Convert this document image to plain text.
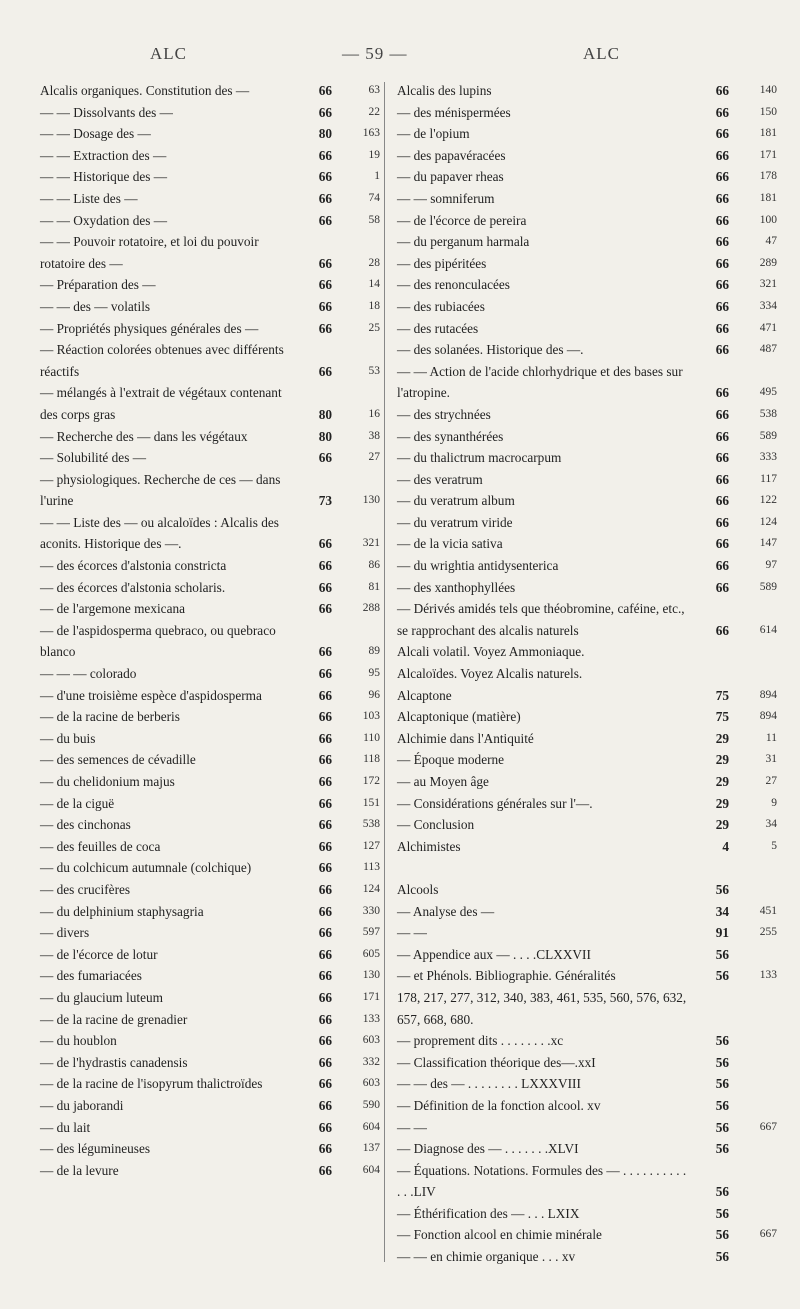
ALC	— 59 —	ALC
Alcalis organiques. Constitution des —	66	63
— — Dissolvants des —	66	22
— — Dosage des —	80	163
— — Extraction des —	66	19
— — Historique des —	66	1
— — Liste des —	66	74
— — Oxydation des —	66	58
— — Pouvoir rotatoire, et loi du pouvoir rotatoire des —	66	28
— Préparation des —	66	14
— — des — volatils	66	18
— Propriétés physiques générales des —	66	25
— Réaction colorées obtenues avec différents réactifs	66	53
— mélangés à l'extrait de végétaux contenant des corps gras	80	16
— Recherche des — dans les végétaux	80	38
— Solubilité des —	66	27
— physiologiques. Recherche de ces — dans l'urine	73	130
— — Liste des — ou alcaloïdes : Alcalis des aconits. Historique des —.	66	321
— des écorces d'alstonia constricta	66	86
— des écorces d'alstonia scholaris.	66	81
— de l'argemone mexicana	66	288
— de l'aspidosperma quebraco, ou quebraco blanco	66	89
— — — colorado	66	95
— d'une troisième espèce d'aspidosperma	66	96
— de la racine de berberis	66	103
— du buis	66	110
— des semences de cévadille	66	118
— du chelidonium majus	66	172
— de la ciguë	66	151
— des cinchonas	66	538
— des feuilles de coca	66	127
— du colchicum autumnale (colchique)	66	113
— des crucifères	66	124
— du delphinium staphysagria	66	330
— divers	66	597
— de l'écorce de lotur	66	605
— des fumariacées	66	130
— du glaucium luteum	66	171
— de la racine de grenadier	66	133
— du houblon	66	603
— de l'hydrastis canadensis	66	332
— de la racine de l'isopyrum thalictroïdes	66	603
— du jaborandi	66	590
— du lait	66	604
— des légumineuses	66	137
— de la levure	66	604
Alcalis des lupins	66	140
— des ménispermées	66	150
— de l'opium	66	181
— des papavéracées	66	171
— du papaver rheas	66	178
— — somniferum	66	181
— de l'écorce de pereira	66	100
— du perganum harmala	66	47
— des pipéritées	66	289
— des renonculacées	66	321
— des rubiacées	66	334
— des rutacées	66	471
— des solanées. Historique des —.	66	487
— — Action de l'acide chlorhydrique et des bases sur l'atropine.	66	495
— des strychnées	66	538
— des synanthérées	66	589
— du thalictrum macrocarpum	66	333
— des veratrum	66	117
— du veratrum album	66	122
— du veratrum viride	66	124
— de la vicia sativa	66	147
— du wrightia antidysenterica	66	97
— des xanthophyllées	66	589
— Dérivés amidés tels que théobromine, caféine, etc., se rapprochant des alcalis naturels	66	614
Alcali volatil. Voyez Ammoniaque.
Alcaloïdes. Voyez Alcalis naturels.
Alcaptone	75	894
Alcaptonique (matière)	75	894
Alchimie dans l'Antiquité	29	11
— Époque moderne	29	31
— au Moyen âge	29	27
— Considérations générales sur l'—.	29	9
— Conclusion	29	34
Alchimistes	4	5
Alcools	56
— Analyse des —	34	451
— —	91	255
— Appendice aux — . . . .CLXXVII	56
— et Phénols. Bibliographie. Généralités	56	133
178, 217, 277, 312, 340, 383, 461, 535, 560, 576, 632, 657, 668, 680.
— proprement dits . . . . . . . .xc	56
— Classification théorique des—.xxI	56
— — des — . . . . . . . . LXXXVIII	56
— Définition de la fonction alcool. xv	56
— —	56	667
— Diagnose des — . . . . . . .XLVI	56
— Équations. Notations. Formules des — . . . . . . . . . . . . .LIV	56
— Éthérification des — . . . LXIX	56
— Fonction alcool en chimie minérale	56	667
— — en chimie organique . . . xv	56
